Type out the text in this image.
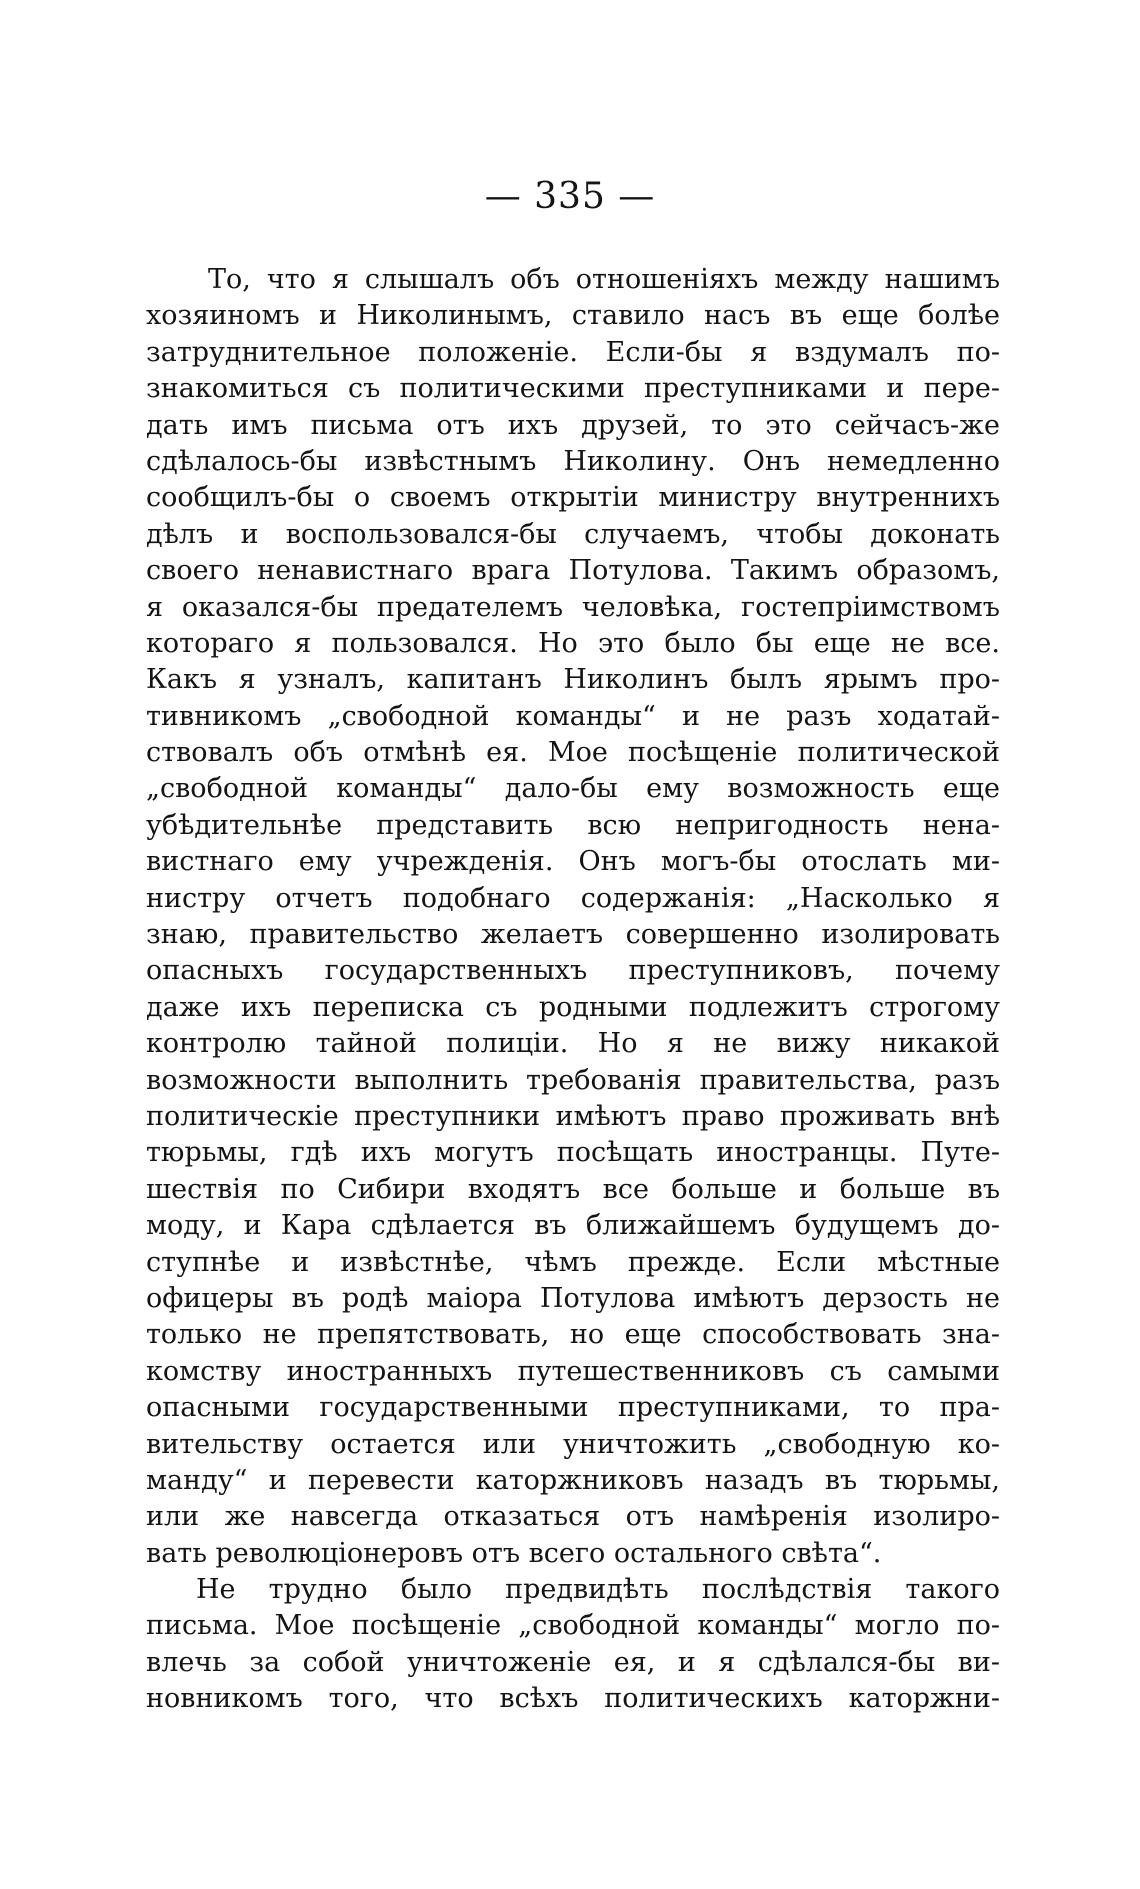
— 335 —
То, что я слышалъ объ отношеніяхъ между нашимъ
хозяиномъ и Николинымъ, ставило насъ въ еще болѣе
затруднительное положеніе. Если-бы я вздумалъ по-
знакомиться съ политическими преступниками и пере-
дать имъ письма отъ ихъ друзей, то это сейчасъ-же
сдѣлалось-бы извѣстнымъ Николину. Онъ немедленно
сообщилъ-бы о своемъ открытіи министру внутреннихъ
дѣлъ и воспользовался-бы случаемъ, чтобы доконать
своего ненавистнаго врага Потулова. Такимъ образомъ,
я оказался-бы предателемъ человѣка, гостепріимствомъ
котораго я пользовался. Но это было бы еще не все.
Какъ я узналъ, капитанъ Николинъ былъ ярымъ про-
тивникомъ „свободной команды“ и не разъ ходатай-
ствовалъ объ отмѣнѣ ея. Мое посѣщеніе политической
„свободной команды“ дало-бы ему возможность еще
убѣдительнѣе представить всю непригодность нена-
вистнаго ему учрежденія. Онъ могъ-бы отослать ми-
нистру отчетъ подобнаго содержанія: „Насколько я
знаю, правительство желаетъ совершенно изолировать
опасныхъ государственныхъ преступниковъ, почему
даже ихъ переписка съ родными подлежитъ строгому
контролю тайной полиціи. Но я не вижу никакой
возможности выполнить требованія правительства, разъ
политическіе преступники имѣютъ право проживать внѣ
тюрьмы, гдѣ ихъ могутъ посѣщать иностранцы. Путе-
шествія по Сибири входятъ все больше и больше въ
моду, и Кара сдѣлается въ ближайшемъ будущемъ до-
ступнѣе и извѣстнѣе, чѣмъ прежде. Если мѣстные
офицеры въ родѣ маіора Потулова имѣютъ дерзость не
только не препятствовать, но еще способствовать зна-
комству иностранныхъ путешественниковъ съ самыми
опасными государственными преступниками, то пра-
вительству остается или уничтожить „свободную ко-
манду“ и перевести каторжниковъ назадъ въ тюрьмы,
или же навсегда отказаться отъ намѣренія изолиро-
вать революціонеровъ отъ всего остального свѣта“.
Не трудно было предвидѣть послѣдствія такого
письма. Мое посѣщеніе „свободной команды“ могло по-
влечь за собой уничтоженіе ея, и я сдѣлался-бы ви-
новникомъ того, что всѣхъ политическихъ каторжни-
